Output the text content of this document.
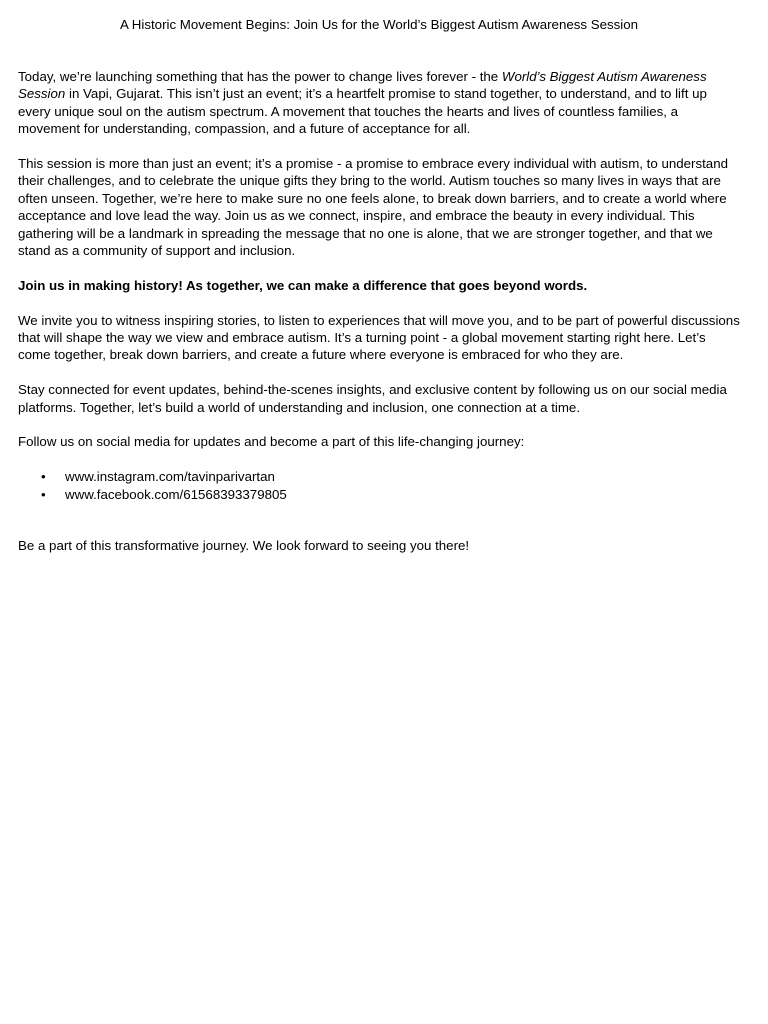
A Historic Movement Begins: Join Us for the World’s Biggest Autism Awareness Session

Today, we’re launching something that has the power to change lives forever - the World’s Biggest Autism Awareness Session in Vapi, Gujarat. This isn’t just an event; it’s a heartfelt promise to stand together, to understand, and to lift up every unique soul on the autism spectrum. A movement that touches the hearts and lives of countless families, a movement for understanding, compassion, and a future of acceptance for all.

This session is more than just an event; it’s a promise - a promise to embrace every individual with autism, to understand their challenges, and to celebrate the unique gifts they bring to the world. Autism touches so many lives in ways that are often unseen. Together, we’re here to make sure no one feels alone, to break down barriers, and to create a world where acceptance and love lead the way. Join us as we connect, inspire, and embrace the beauty in every individual. This gathering will be a landmark in spreading the message that no one is alone, that we are stronger together, and that we stand as a community of support and inclusion.

Join us in making history! As together, we can make a difference that goes beyond words.

We invite you to witness inspiring stories, to listen to experiences that will move you, and to be part of powerful discussions that will shape the way we view and embrace autism. It’s a turning point - a global movement starting right here. Let’s come together, break down barriers, and create a future where everyone is embraced for who they are.

Stay connected for event updates, behind-the-scenes insights, and exclusive content by following us on our social media platforms. Together, let’s build a world of understanding and inclusion, one connection at a time.

Follow us on social media for updates and become a part of this life-changing journey:

• www.instagram.com/tavinparivartan
• www.facebook.com/61568393379805

Be a part of this transformative journey. We look forward to seeing you there!
